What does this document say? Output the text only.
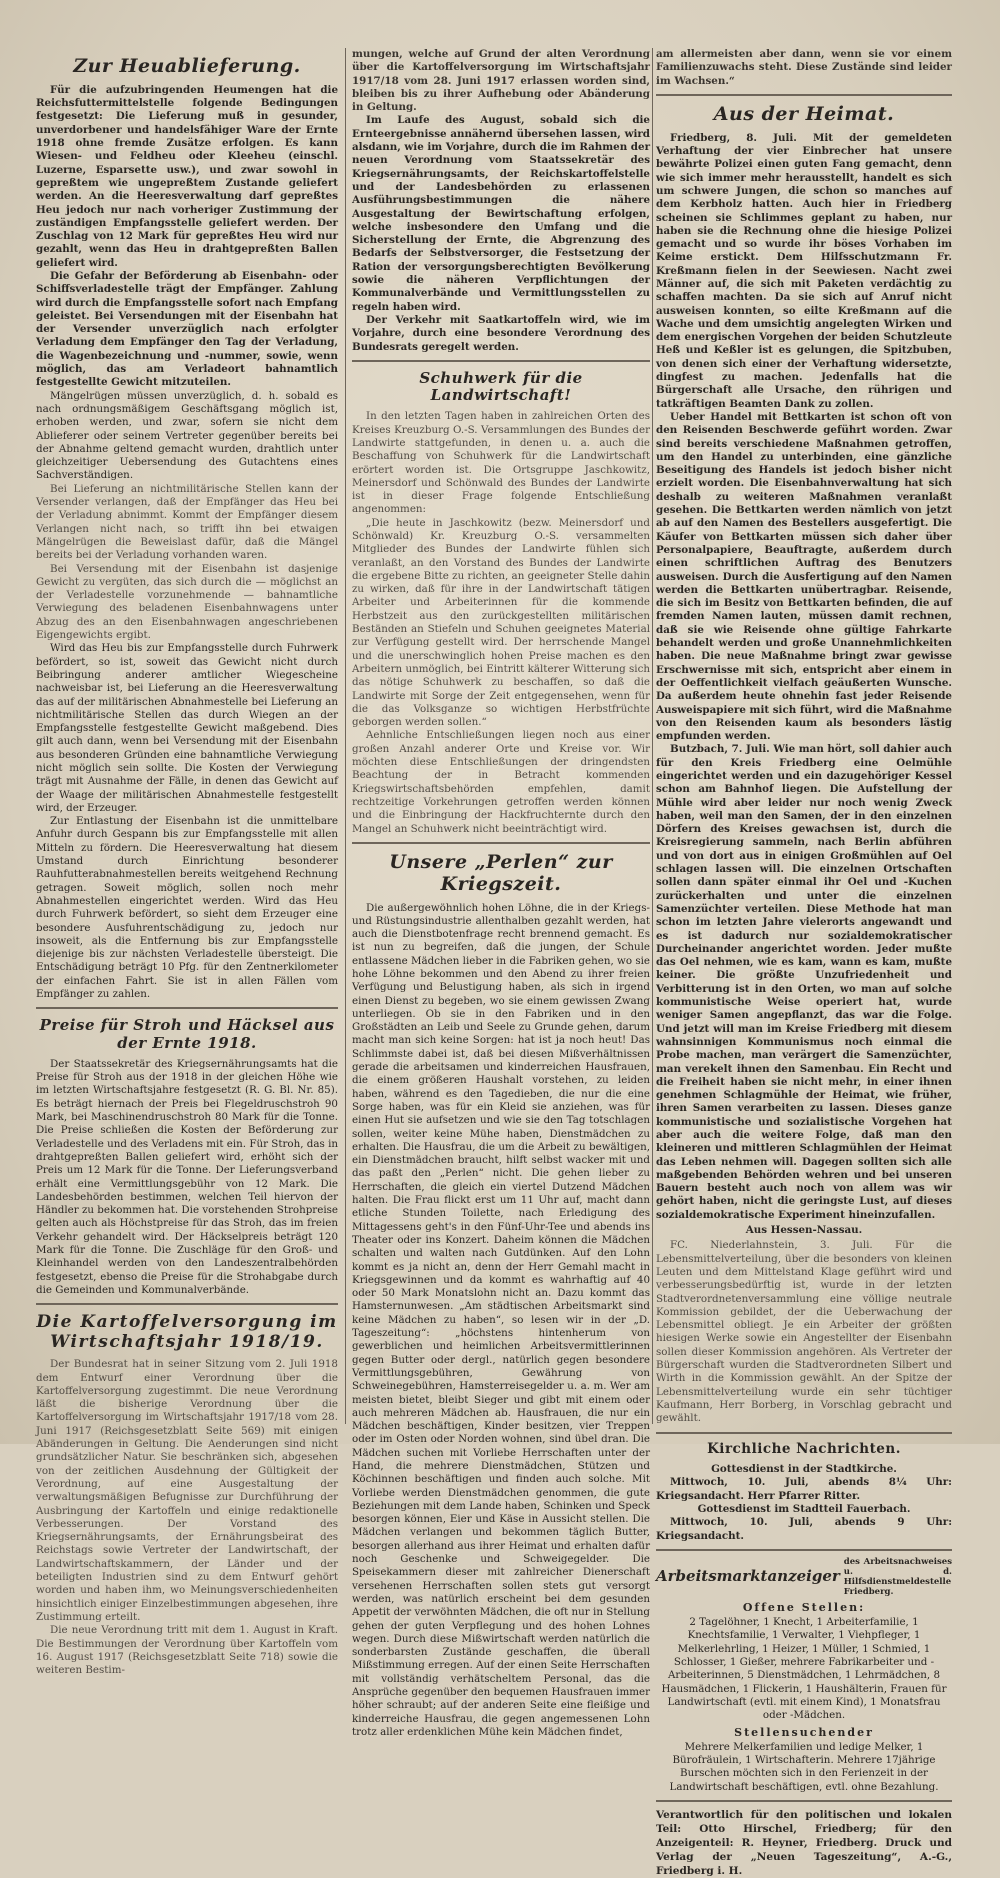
Zur Heuablieferung.

Für die aufzubringenden Heumengen hat die Reichsfuttermittelstelle folgende Bedingungen festgesetzt: Die Lieferung muß in gesunder, unverdorbener und handelsfähiger Ware der Ernte 1918 ohne fremde Zusätze erfolgen. Es kann Wiesen- und Feldheu oder Kleeheu (einschl. Luzerne, Esparsette usw.), und zwar sowohl in gepreßtem wie ungepreßtem Zustande geliefert werden. An die Heeresverwaltung darf gepreßtes Heu jedoch nur nach vorheriger Zustimmung der zuständigen Empfangsstelle geliefert werden. Der Zuschlag von 12 Mark für gepreßtes Heu wird nur gezahlt, wenn das Heu in drahtgepreßten Ballen geliefert wird.

Die Gefahr der Beförderung ab Eisenbahn- oder Schiffsverladestelle trägt der Empfänger. Zahlung wird durch die Empfangsstelle sofort nach Empfang geleistet. Bei Versendungen mit der Eisenbahn hat der Versender unverzüglich nach erfolgter Verladung dem Empfänger den Tag der Verladung, die Wagenbezeichnung und -nummer, sowie, wenn möglich, das am Verladeort bahnamtlich festgestellte Gewicht mitzuteilen.

Mängelrügen müssen unverzüglich, d. h. sobald es nach ordnungsmäßigem Geschäftsgang möglich ist, erhoben werden, und zwar, sofern sie nicht dem Ablieferer oder seinem Vertreter gegenüber bereits bei der Abnahme geltend gemacht wurden, drahtlich unter gleichzeitiger Uebersendung des Gutachtens eines Sachverständigen.

Bei Lieferung an nichtmilitärische Stellen kann der Versender verlangen, daß der Empfänger das Heu bei der Verladung abnimmt. Kommt der Empfänger diesem Verlangen nicht nach, so trifft ihn bei etwaigen Mängelrügen die Beweislast dafür, daß die Mängel bereits bei der Verladung vorhanden waren.

Bei Versendung mit der Eisenbahn ist dasjenige Gewicht zu vergüten, das sich durch die — möglichst an der Verladestelle vorzunehmende — bahnamtliche Verwiegung des beladenen Eisenbahnwagens unter Abzug des an den Eisenbahnwagen angeschriebenen Eigengewichts ergibt.

Wird das Heu bis zur Empfangsstelle durch Fuhrwerk befördert, so ist, soweit das Gewicht nicht durch Beibringung anderer amtlicher Wiegescheine nachweisbar ist, bei Lieferung an die Heeresverwaltung das auf der militärischen Abnahmestelle bei Lieferung an nichtmilitärische Stellen das durch Wiegen an der Empfangsstelle festgestellte Gewicht maßgebend. Dies gilt auch dann, wenn bei Versendung mit der Eisenbahn aus besonderen Gründen eine bahnamtliche Verwiegung nicht möglich sein sollte. Die Kosten der Verwiegung trägt mit Ausnahme der Fälle, in denen das Gewicht auf der Waage der militärischen Abnahmestelle festgestellt wird, der Erzeuger.

Zur Entlastung der Eisenbahn ist die unmittelbare Anfuhr durch Gespann bis zur Empfangsstelle mit allen Mitteln zu fördern. Die Heeresverwaltung hat diesem Umstand durch Einrichtung besonderer Rauhfutterabnahmestellen bereits weitgehend Rechnung getragen. Soweit möglich, sollen noch mehr Abnahmestellen eingerichtet werden. Wird das Heu durch Fuhrwerk befördert, so sieht dem Erzeuger eine besondere Ausfuhrentschädigung zu, jedoch nur insoweit, als die Entfernung bis zur Empfangsstelle diejenige bis zur nächsten Verladestelle übersteigt. Die Entschädigung beträgt 10 Pfg. für den Zentnerkilometer der einfachen Fahrt. Sie ist in allen Fällen vom Empfänger zu zahlen.

Preise für Stroh und Häcksel aus der Ernte 1918.

Der Staatssekretär des Kriegsernährungsamts hat die Preise für Stroh aus der 1918 in der gleichen Höhe wie im letzten Wirtschaftsjahre festgesetzt (R. G. Bl. Nr. 85). Es beträgt hiernach der Preis bei Flegeldruschstroh 90 Mark, bei Maschinendruschstroh 80 Mark für die Tonne. Die Preise schließen die Kosten der Beförderung zur Verladestelle und des Verladens mit ein. Für Stroh, das in drahtgepreßten Ballen geliefert wird, erhöht sich der Preis um 12 Mark für die Tonne. Der Lieferungsverband erhält eine Vermittlungsgebühr von 12 Mark. Die Landesbehörden bestimmen, welchen Teil hiervon der Händler zu bekommen hat. Die vorstehenden Strohpreise gelten auch als Höchstpreise für das Stroh, das im freien Verkehr gehandelt wird. Der Häckselpreis beträgt 120 Mark für die Tonne. Die Zuschläge für den Groß- und Kleinhandel werden von den Landeszentralbehörden festgesetzt, ebenso die Preise für die Strohabgabe durch die Gemeinden und Kommunalverbände.

Die Kartoffelversorgung im Wirtschaftsjahr 1918/19.

Der Bundesrat hat in seiner Sitzung vom 2. Juli 1918 dem Entwurf einer Verordnung über die Kartoffelversorgung zugestimmt. Die neue Verordnung läßt die bisherige Verordnung über die Kartoffelversorgung im Wirtschaftsjahr 1917/18 vom 28. Juni 1917 (Reichsgesetzblatt Seite 569) mit einigen Abänderungen in Geltung. Die Aenderungen sind nicht grundsätzlicher Natur. Sie beschränken sich, abgesehen von der zeitlichen Ausdehnung der Gültigkeit der Verordnung, auf eine Ausgestaltung der verwaltungsmäßigen Befugnisse zur Durchführung der Ausbringung der Kartoffeln und einige redaktionelle Verbesserungen. Der Vorstand des Kriegsernährungsamts, der Ernährungsbeirat des Reichstags sowie Vertreter der Landwirtschaft, der Landwirtschaftskammern, der Länder und der beteiligten Industrien sind zu dem Entwurf gehört worden und haben ihm, wo Meinungsverschiedenheiten hinsichtlich einiger Einzelbestimmungen abgesehen, ihre Zustimmung erteilt.

Die neue Verordnung tritt mit dem 1. August in Kraft. Die Bestimmungen der Verordnung über Kartoffeln vom 16. August 1917 (Reichsgesetzblatt Seite 718) sowie die weiteren Bestim-

mungen, welche auf Grund der alten Verordnung über die Kartoffelversorgung im Wirtschaftsjahr 1917/18 vom 28. Juni 1917 erlassen worden sind, bleiben bis zu ihrer Aufhebung oder Abänderung in Geltung.

Im Laufe des August, sobald sich die Ernteergebnisse annähernd übersehen lassen, wird alsdann, wie im Vorjahre, durch die im Rahmen der neuen Verordnung vom Staatssekretär des Kriegsernährungsamts, der Reichskartoffelstelle und der Landesbehörden zu erlassenen Ausführungsbestimmungen die nähere Ausgestaltung der Bewirtschaftung erfolgen, welche insbesondere den Umfang und die Sicherstellung der Ernte, die Abgrenzung des Bedarfs der Selbstversorger, die Festsetzung der Ration der versorgungsberechtigten Bevölkerung sowie die näheren Verpflichtungen der Kommunalverbände und Vermittlungsstellen zu regeln haben wird.

Der Verkehr mit Saatkartoffeln wird, wie im Vorjahre, durch eine besondere Verordnung des Bundesrats geregelt werden.

Schuhwerk für die Landwirtschaft!

In den letzten Tagen haben in zahlreichen Orten des Kreises Kreuzburg O.-S. Versammlungen des Bundes der Landwirte stattgefunden, in denen u. a. auch die Beschaffung von Schuhwerk für die Landwirtschaft erörtert worden ist. Die Ortsgruppe Jaschkowitz, Meinersdorf und Schönwald des Bundes der Landwirte ist in dieser Frage folgende Entschließung angenommen:

„Die heute in Jaschkowitz (bezw. Meinersdorf und Schönwald) Kr. Kreuzburg O.-S. versammelten Mitglieder des Bundes der Landwirte fühlen sich veranlaßt, an den Vorstand des Bundes der Landwirte die ergebene Bitte zu richten, an geeigneter Stelle dahin zu wirken, daß für ihre in der Landwirtschaft tätigen Arbeiter und Arbeiterinnen für die kommende Herbstzeit aus den zurückgestellten militärischen Beständen an Stiefeln und Schuhen geeignetes Material zur Verfügung gestellt wird. Der herrschende Mangel und die unerschwinglich hohen Preise machen es den Arbeitern unmöglich, bei Eintritt kälterer Witterung sich das nötige Schuhwerk zu beschaffen, so daß die Landwirte mit Sorge der Zeit entgegensehen, wenn für die das Volksganze so wichtigen Herbstfrüchte geborgen werden sollen.“

Aehnliche Entschließungen liegen noch aus einer großen Anzahl anderer Orte und Kreise vor. Wir möchten diese Entschließungen der dringendsten Beachtung der in Betracht kommenden Kriegswirtschaftsbehörden empfehlen, damit rechtzeitige Vorkehrungen getroffen werden können und die Einbringung der Hackfruchternte durch den Mangel an Schuhwerk nicht beeinträchtigt wird.

Unsere „Perlen“ zur Kriegszeit.

Die außergewöhnlich hohen Löhne, die in der Kriegs- und Rüstungsindustrie allenthalben gezahlt werden, hat auch die Dienstbotenfrage recht brennend gemacht. Es ist nun zu begreifen, daß die jungen, der Schule entlassene Mädchen lieber in die Fabriken gehen, wo sie hohe Löhne bekommen und den Abend zu ihrer freien Verfügung und Belustigung haben, als sich in irgend einen Dienst zu begeben, wo sie einem gewissen Zwang unterliegen. Ob sie in den Fabriken und in den Großstädten an Leib und Seele zu Grunde gehen, darum macht man sich keine Sorgen: hat ist ja noch heut! Das Schlimmste dabei ist, daß bei diesen Mißverhältnissen gerade die arbeitsamen und kinderreichen Hausfrauen, die einem größeren Haushalt vorstehen, zu leiden haben, während es den Tagedieben, die nur die eine Sorge haben, was für ein Kleid sie anziehen, was für einen Hut sie aufsetzen und wie sie den Tag totschlagen sollen, weiter keine Mühe haben, Dienstmädchen zu erhalten. Die Hausfrau, die um die Arbeit zu bewältigen, ein Dienstmädchen braucht, hilft selbst wacker mit und das paßt den „Perlen“ nicht. Die gehen lieber zu Herrschaften, die gleich ein viertel Dutzend Mädchen halten. Die Frau flickt erst um 11 Uhr auf, macht dann etliche Stunden Toilette, nach Erledigung des Mittagessens geht's in den Fünf-Uhr-Tee und abends ins Theater oder ins Konzert. Daheim können die Mädchen schalten und walten nach Gutdünken. Auf den Lohn kommt es ja nicht an, denn der Herr Gemahl macht in Kriegsgewinnen und da kommt es wahrhaftig auf 40 oder 50 Mark Monatslohn nicht an. Dazu kommt das Hamsternunwesen. „Am städtischen Arbeitsmarkt sind keine Mädchen zu haben“, so lesen wir in der „D. Tageszeitung“: „höchstens hintenherum von gewerblichen und heimlichen Arbeitsvermittlerinnen gegen Butter oder dergl., natürlich gegen besondere Vermittlungsgebühren, Gewährung von Schweinegebühren, Hamsterreisegelder u. a. m. Wer am meisten bietet, bleibt Sieger und gibt mit einem oder auch mehreren Mädchen ab. Hausfrauen, die nur ein Mädchen beschäftigen, Kinder besitzen, vier Treppen oder im Osten oder Norden wohnen, sind übel dran. Die Mädchen suchen mit Vorliebe Herrschaften unter der Hand, die mehrere Dienstmädchen, Stützen und Köchinnen beschäftigen und finden auch solche. Mit Vorliebe werden Dienstmädchen genommen, die gute Beziehungen mit dem Lande haben, Schinken und Speck besorgen können, Eier und Käse in Aussicht stellen. Die Mädchen verlangen und bekommen täglich Butter, besorgen allerhand aus ihrer Heimat und erhalten dafür noch Geschenke und Schweigegelder. Die Speisekammern dieser mit zahlreicher Dienerschaft versehenen Herrschaften sollen stets gut versorgt werden, was natürlich erscheint bei dem gesunden Appetit der verwöhnten Mädchen, die oft nur in Stellung gehen der guten Verpflegung und des hohen Lohnes wegen. Durch diese Mißwirtschaft werden natürlich die sonderbarsten Zustände geschaffen, die überall Mißstimmung erregen. Auf der einen Seite Herrschaften mit vollständig verhätscheltem Personal, das die Ansprüche gegenüber den bequemen Hausfrauen immer höher schraubt; auf der anderen Seite eine fleißige und kinderreiche Hausfrau, die gegen angemessenen Lohn trotz aller erdenklichen Mühe kein Mädchen findet,

am allermeisten aber dann, wenn sie vor einem Familienzuwachs steht. Diese Zustände sind leider im Wachsen.“

Aus der Heimat.

Friedberg, 8. Juli. Mit der gemeldeten Verhaftung der vier Einbrecher hat unsere bewährte Polizei einen guten Fang gemacht, denn wie sich immer mehr herausstellt, handelt es sich um schwere Jungen, die schon so manches auf dem Kerbholz hatten. Auch hier in Friedberg scheinen sie Schlimmes geplant zu haben, nur haben sie die Rechnung ohne die hiesige Polizei gemacht und so wurde ihr böses Vorhaben im Keime erstickt. Dem Hilfsschutzmann Fr. Kreßmann fielen in der Seewiesen. Nacht zwei Männer auf, die sich mit Paketen verdächtig zu schaffen machten. Da sie sich auf Anruf nicht ausweisen konnten, so eilte Kreßmann auf die Wache und dem umsichtig angelegten Wirken und dem energischen Vorgehen der beiden Schutzleute Heß und Keßler ist es gelungen, die Spitzbuben, von denen sich einer der Verhaftung widersetzte, dingfest zu machen. Jedenfalls hat die Bürgerschaft alle Ursache, den rührigen und tatkräftigen Beamten Dank zu zollen.

Ueber Handel mit Bettkarten ist schon oft von den Reisenden Beschwerde geführt worden. Zwar sind bereits verschiedene Maßnahmen getroffen, um den Handel zu unterbinden, eine gänzliche Beseitigung des Handels ist jedoch bisher nicht erzielt worden. Die Eisenbahnverwaltung hat sich deshalb zu weiteren Maßnahmen veranlaßt gesehen. Die Bettkarten werden nämlich von jetzt ab auf den Namen des Bestellers ausgefertigt. Die Käufer von Bettkarten müssen sich daher über Personalpapiere, Beauftragte, außerdem durch einen schriftlichen Auftrag des Benutzers ausweisen. Durch die Ausfertigung auf den Namen werden die Bettkarten unübertragbar. Reisende, die sich im Besitz von Bettkarten befinden, die auf fremden Namen lauten, müssen damit rechnen, daß sie wie Reisende ohne gültige Fahrkarte behandelt werden und große Unannehmlichkeiten haben. Die neue Maßnahme bringt zwar gewisse Erschwernisse mit sich, entspricht aber einem in der Oeffentlichkeit vielfach geäußerten Wunsche. Da außerdem heute ohnehin fast jeder Reisende Ausweispapiere mit sich führt, wird die Maßnahme von den Reisenden kaum als besonders lästig empfunden werden.

Butzbach, 7. Juli. Wie man hört, soll dahier auch für den Kreis Friedberg eine Oelmühle eingerichtet werden und ein dazugehöriger Kessel schon am Bahnhof liegen. Die Aufstellung der Mühle wird aber leider nur noch wenig Zweck haben, weil man den Samen, der in den einzelnen Dörfern des Kreises gewachsen ist, durch die Kreisregierung sammeln, nach Berlin abführen und von dort aus in einigen Großmühlen auf Oel schlagen lassen will. Die einzelnen Ortschaften sollen dann später einmal ihr Oel und -Kuchen zurückerhalten und unter die einzelnen Samenzüchter verteilen. Diese Methode hat man schon im letzten Jahre vielerorts angewandt und es ist dadurch nur sozialdemokratischer Durcheinander angerichtet worden. Jeder mußte das Oel nehmen, wie es kam, wann es kam, mußte keiner. Die größte Unzufriedenheit und Verbitterung ist in den Orten, wo man auf solche kommunistische Weise operiert hat, wurde weniger Samen angepflanzt, das war die Folge. Und jetzt will man im Kreise Friedberg mit diesem wahnsinnigen Kommunismus noch einmal die Probe machen, man verärgert die Samenzüchter, man verekelt ihnen den Samenbau. Ein Recht und die Freiheit haben sie nicht mehr, in einer ihnen genehmen Schlagmühle der Heimat, wie früher, ihren Samen verarbeiten zu lassen. Dieses ganze kommunistische und sozialistische Vorgehen hat aber auch die weitere Folge, daß man den kleineren und mittleren Schlagmühlen der Heimat das Leben nehmen will. Dagegen sollten sich alle maßgebenden Behörden wehren und bei unseren Bauern besteht auch noch von allem was wir gehört haben, nicht die geringste Lust, auf dieses sozialdemokratische Experiment hineinzufallen.

Aus Hessen-Nassau.

FC. Niederlahnstein, 3. Juli. Für die Lebensmittelverteilung, über die besonders von kleinen Leuten und dem Mittelstand Klage geführt wird und verbesserungsbedürftig ist, wurde in der letzten Stadtverordnetenversammlung eine völlige neutrale Kommission gebildet, der die Ueberwachung der Lebensmittel obliegt. Je ein Arbeiter der größten hiesigen Werke sowie ein Angestellter der Eisenbahn sollen dieser Kommission angehören. Als Vertreter der Bürgerschaft wurden die Stadtverordneten Silbert und Wirth in die Kommission gewählt. An der Spitze der Lebensmittelverteilung wurde ein sehr tüchtiger Kaufmann, Herr Borberg, in Vorschlag gebracht und gewählt.

Kirchliche Nachrichten.

Gottesdienst in der Stadtkirche.

Mittwoch, 10. Juli, abends 8¼ Uhr: Kriegsandacht. Herr Pfarrer Ritter.

Gottesdienst im Stadtteil Fauerbach.

Mittwoch, 10. Juli, abends 9 Uhr: Kriegsandacht.

Arbeitsmarktanzeiger
des Arbeitsnachweises u. d. Hilfsdienstmeldestelle Friedberg.
Offene Stellen:

2 Tagelöhner, 1 Knecht, 1 Arbeiterfamilie, 1 Knechtsfamilie, 1 Verwalter, 1 Viehpfleger, 1 Melkerlehrling, 1 Heizer, 1 Müller, 1 Schmied, 1 Schlosser, 1 Gießer, mehrere Fabrikarbeiter und -Arbeiterinnen, 5 Dienstmädchen, 1 Lehrmädchen, 8 Hausmädchen, 1 Flickerin, 1 Haushälterin, Frauen für Landwirtschaft (evtl. mit einem Kind), 1 Monatsfrau oder -Mädchen.

Stellensuchender

Mehrere Melkerfamilien und ledige Melker, 1 Bürofräulein, 1 Wirtschafterin. Mehrere 17jährige Burschen möchten sich in den Ferienzeit in der Landwirtschaft beschäftigen, evtl. ohne Bezahlung.

Verantwortlich für den politischen und lokalen Teil: Otto Hirschel, Friedberg; für den Anzeigenteil: R. Heyner, Friedberg. Druck und Verlag der „Neuen Tageszeitung“, A.-G., Friedberg i. H.
